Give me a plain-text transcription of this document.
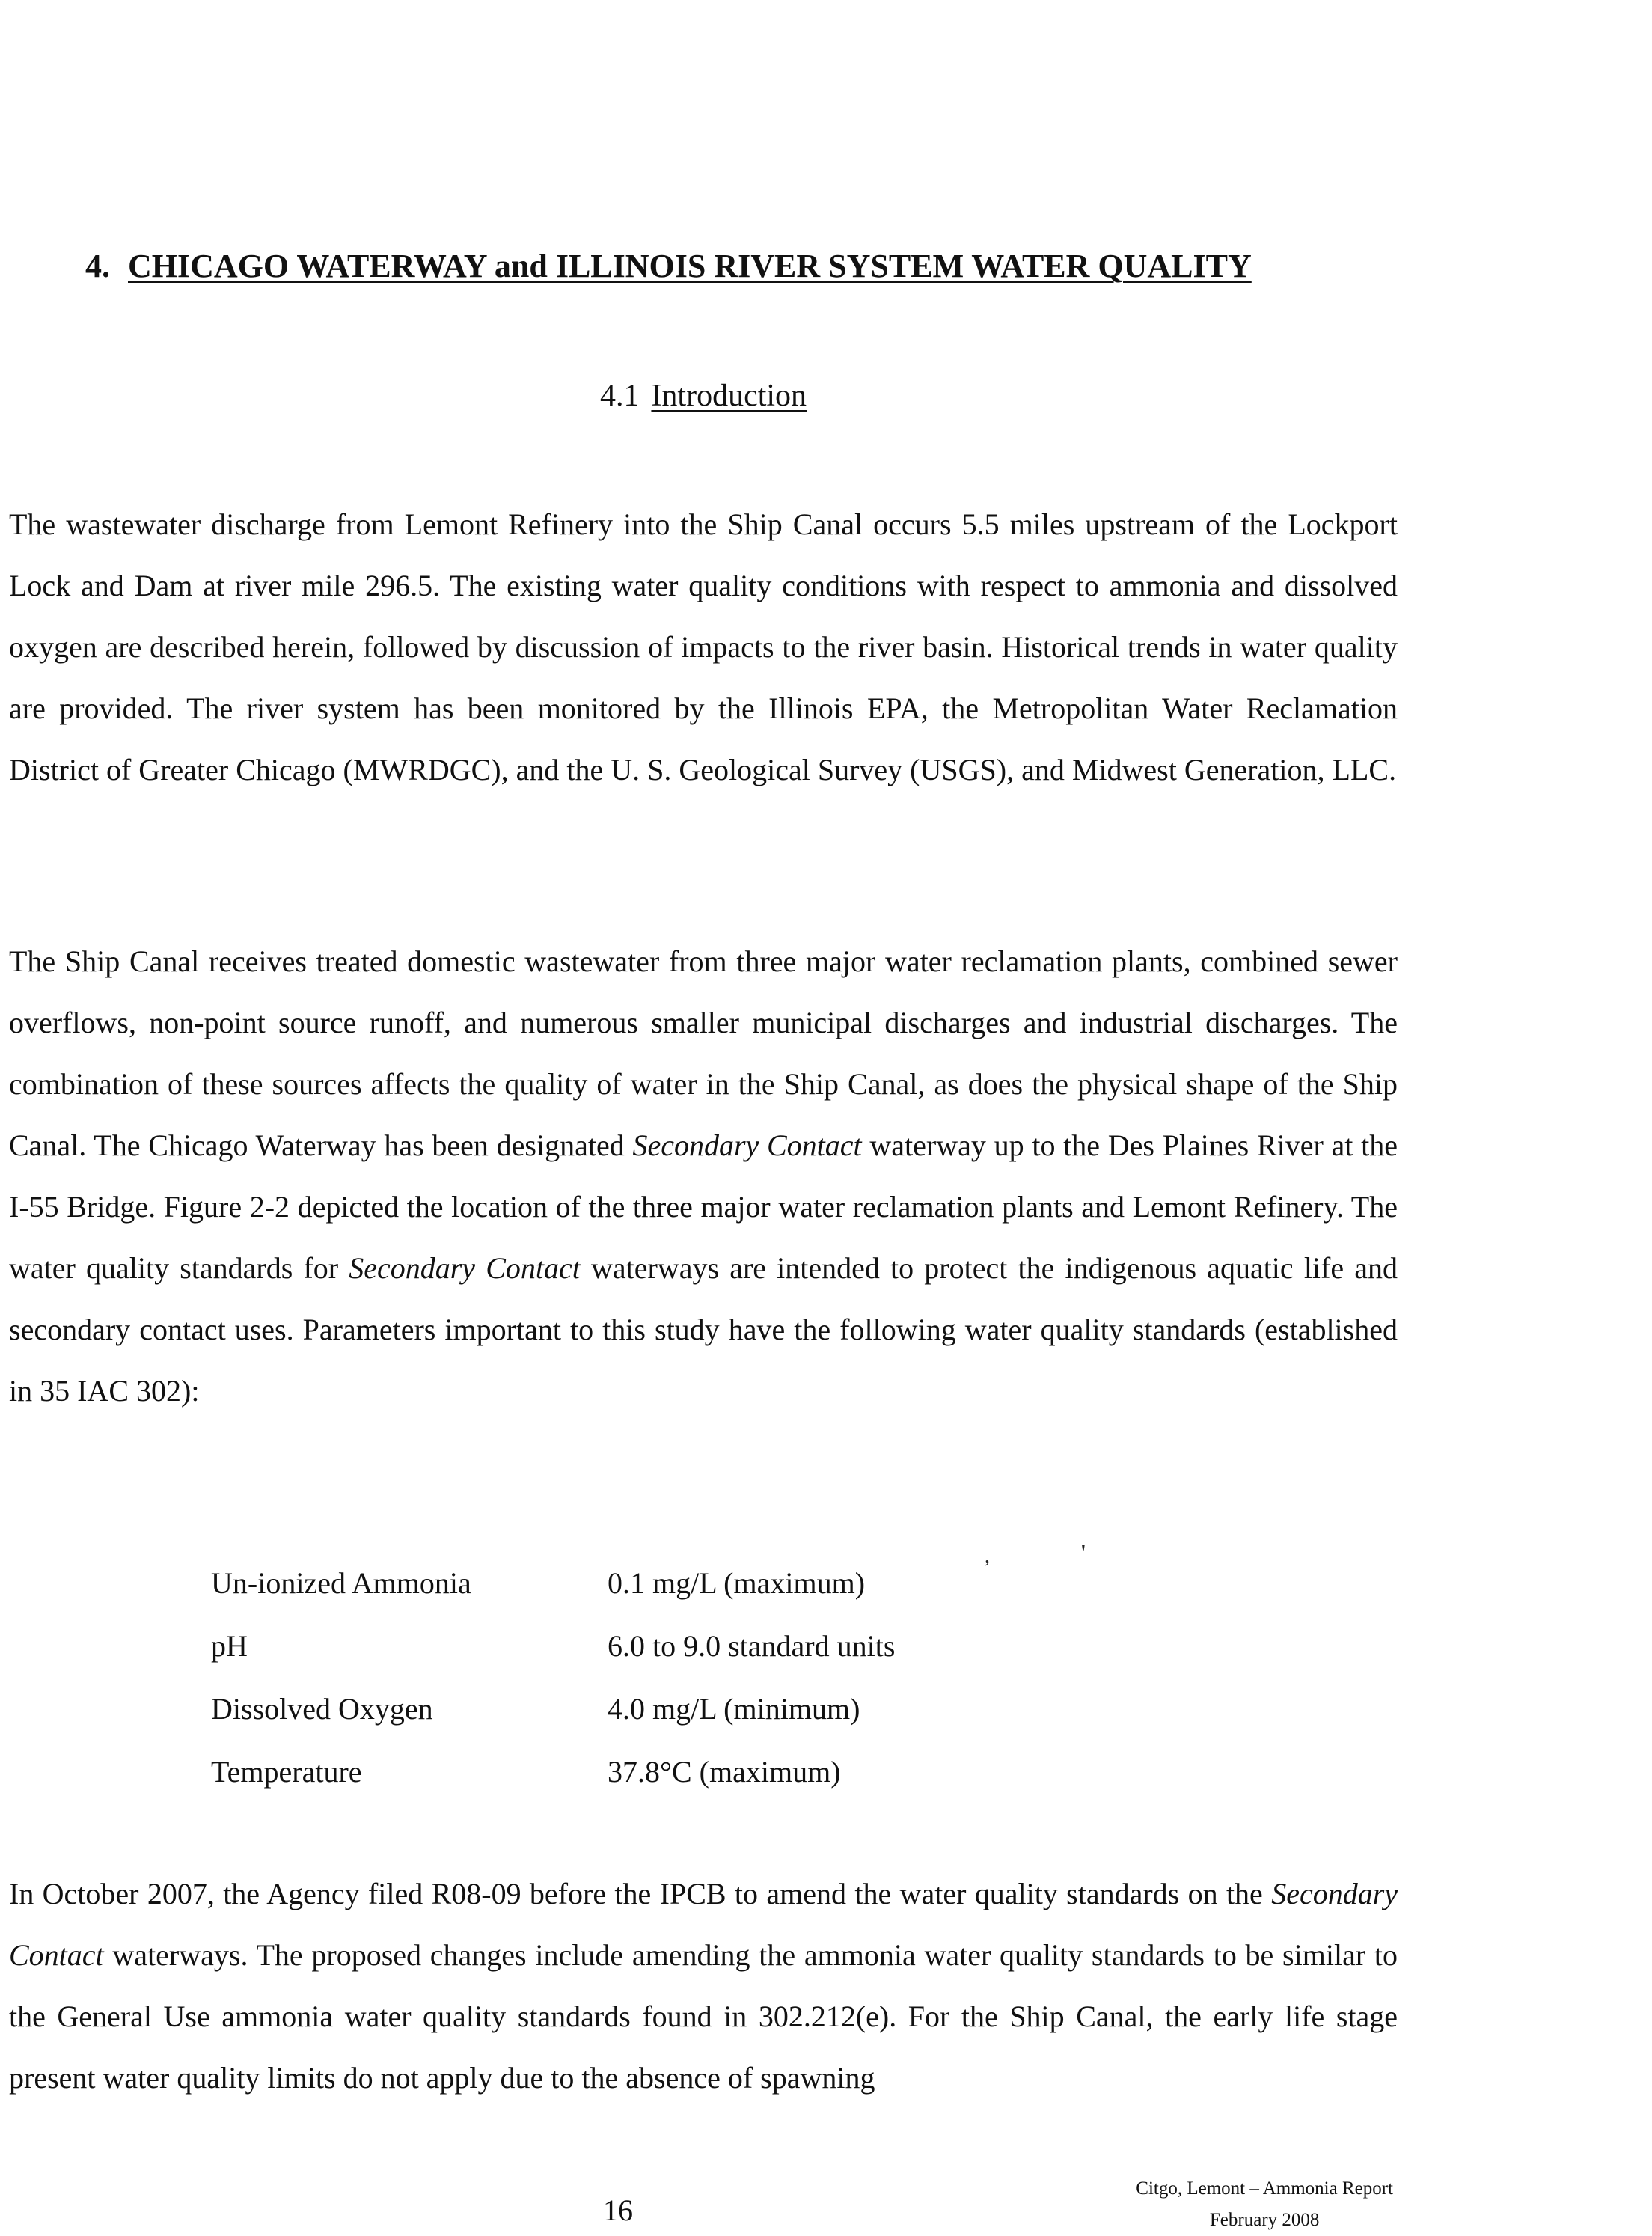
4. CHICAGO WATERWAY and ILLINOIS RIVER SYSTEM WATER QUALITY
4.1 Introduction

The wastewater discharge from Lemont Refinery into the Ship Canal occurs 5.5 miles upstream of the Lockport Lock and Dam at river mile 296.5. The existing water quality conditions with respect to ammonia and dissolved oxygen are described herein, followed by discussion of impacts to the river basin. Historical trends in water quality are provided. The river system has been monitored by the Illinois EPA, the Metropolitan Water Reclamation District of Greater Chicago (MWRDGC), and the U. S. Geological Survey (USGS), and Midwest Generation, LLC.

The Ship Canal receives treated domestic wastewater from three major water reclamation plants, combined sewer overflows, non-point source runoff, and numerous smaller municipal discharges and industrial discharges. The combination of these sources affects the quality of water in the Ship Canal, as does the physical shape of the Ship Canal. The Chicago Waterway has been designated Secondary Contact waterway up to the Des Plaines River at the I-55 Bridge. Figure 2-2 depicted the location of the three major water reclamation plants and Lemont Refinery. The water quality standards for Secondary Contact waterways are intended to protect the indigenous aquatic life and secondary contact uses. Parameters important to this study have the following water quality standards (established in 35 IAC 302):

Un-ionized Ammonia	0.1 mg/L (maximum)
pH	6.0 to 9.0 standard units
Dissolved Oxygen	4.0 mg/L (minimum)
Temperature	37.8°C (maximum)
,	'

In October 2007, the Agency filed R08-09 before the IPCB to amend the water quality standards on the Secondary Contact waterways. The proposed changes include amending the ammonia water quality standards to be similar to the General Use ammonia water quality standards found in 302.212(e). For the Ship Canal, the early life stage present water quality limits do not apply due to the absence of spawning

16
Citgo, Lemont – Ammonia Report
February 2008
